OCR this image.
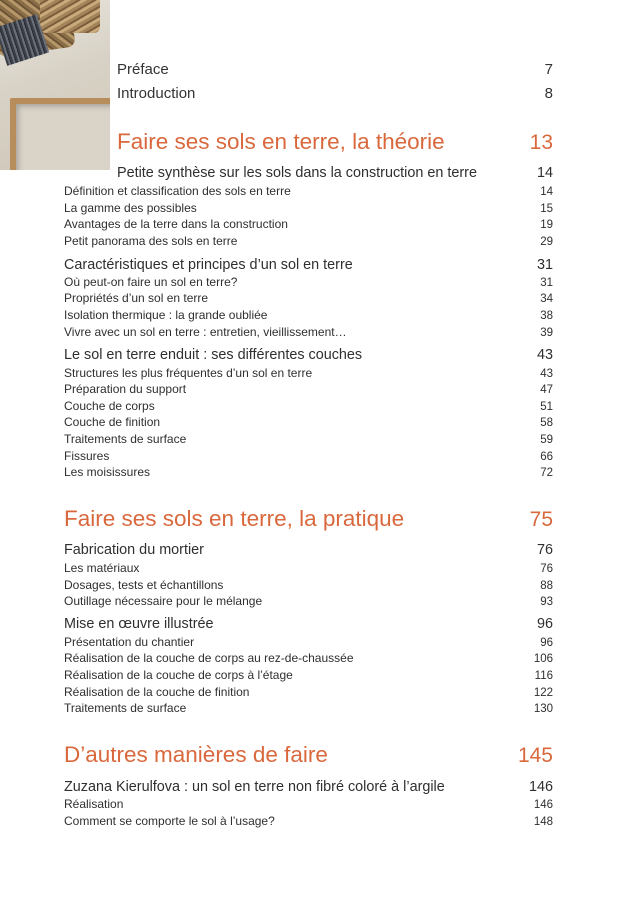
Préface	7
Introduction	8
Faire ses sols en terre, la théorie	13
Petite synthèse sur les sols dans la construction en terre	14
Définition et classification des sols en terre	14
La gamme des possibles	15
Avantages de la terre dans la construction	19
Petit panorama des sols en terre	29
Caractéristiques et principes d’un sol en terre	31
Où peut-on faire un sol en terre?	31
Propriétés d’un sol en terre	34
Isolation thermique : la grande oubliée	38
Vivre avec un sol en terre : entretien, vieillissement…	39
Le sol en terre enduit : ses différentes couches	43
Structures les plus fréquentes d’un sol en terre	43
Préparation du support	47
Couche de corps	51
Couche de finition	58
Traitements de surface	59
Fissures	66
Les moisissures	72
Faire ses sols en terre, la pratique	75
Fabrication du mortier	76
Les matériaux	76
Dosages, tests et échantillons	88
Outillage nécessaire pour le mélange	93
Mise en œuvre illustrée	96
Présentation du chantier	96
Réalisation de la couche de corps au rez-de-chaussée	106
Réalisation de la couche de corps à l’étage	116
Réalisation de la couche de finition	122
Traitements de surface	130
D’autres manières de faire	145
Zuzana Kierulfova : un sol en terre non fibré coloré à l’argile	146
Réalisation	146
Comment se comporte le sol à l’usage?	148
